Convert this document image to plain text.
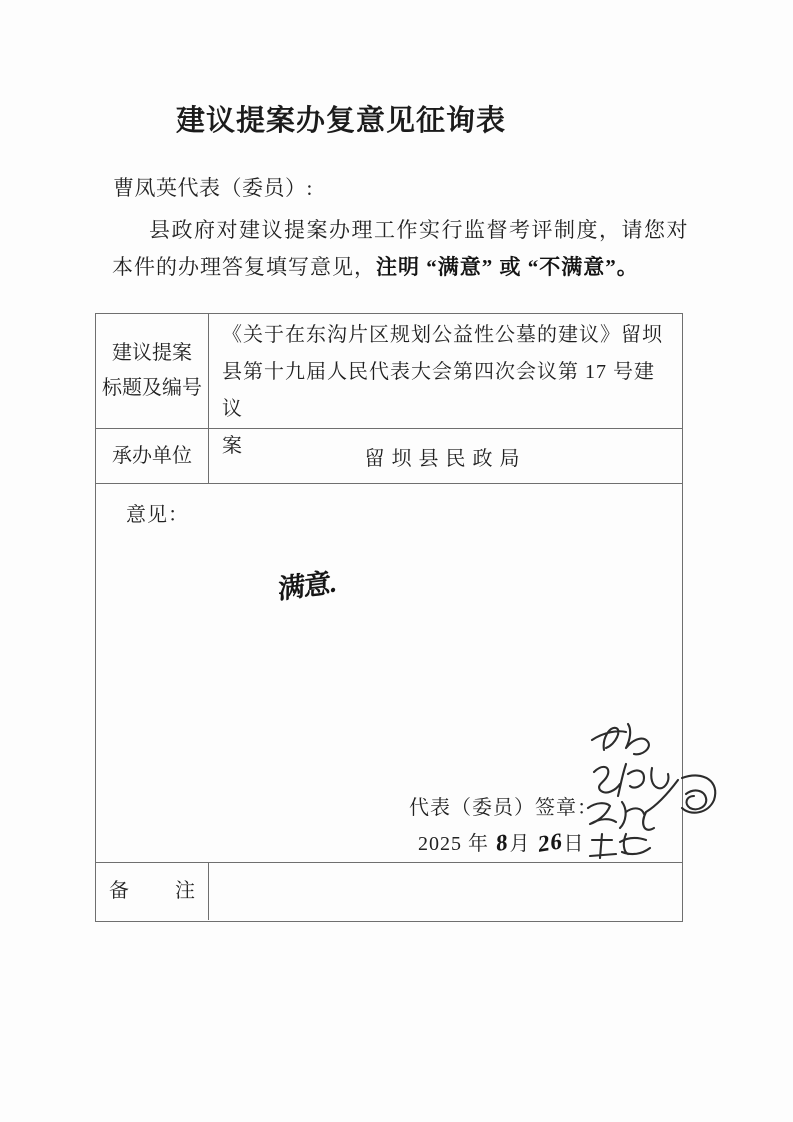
建议提案办复意见征询表
曹凤英代表（委员）:
县政府对建议提案办理工作实行监督考评制度，请您对
本件的办理答复填写意见，注明 “满意” 或 “不满意”。
建议提案
标题及编号
《关于在东沟片区规划公益性公墓的建议》留坝
县第十九届人民代表大会第四次会议第 17 号建议
案
承办单位	留坝县民政局
意见：
满意.
代表（委员）签章：
2025 年 8月 26日
备 注
